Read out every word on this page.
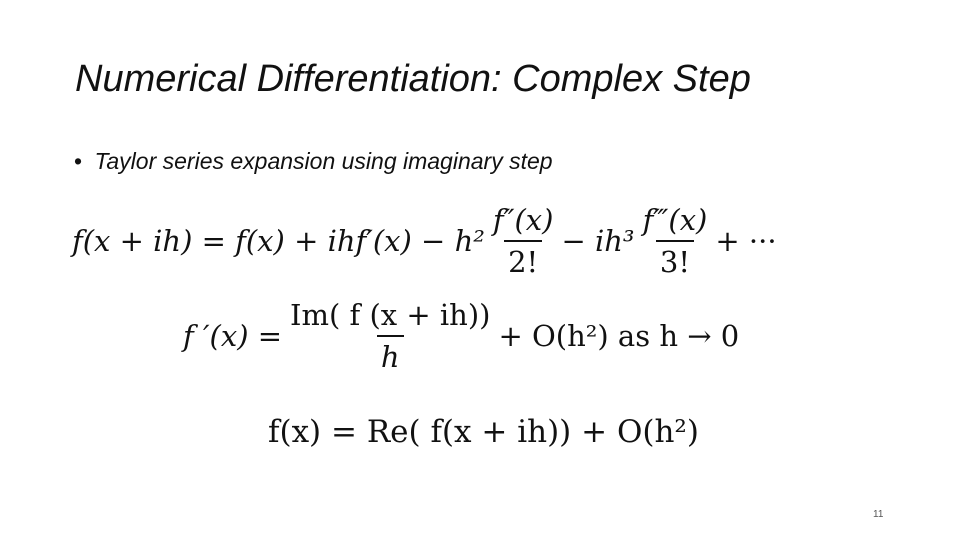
Numerical Differentiation: Complex Step
• Taylor series expansion using imaginary step
$f(x + ih) = f(x) + ihf'(x) - h^2 \frac{f''(x)}{2!} - ih^3 \frac{f‴(x)}{3!}$ + ···
f $'(x) = \frac{Im( f (x + ih))}{h} + O(h^2)$ as h → 0
f(x) = Re( f(x + ih)) + O(h²)
11
